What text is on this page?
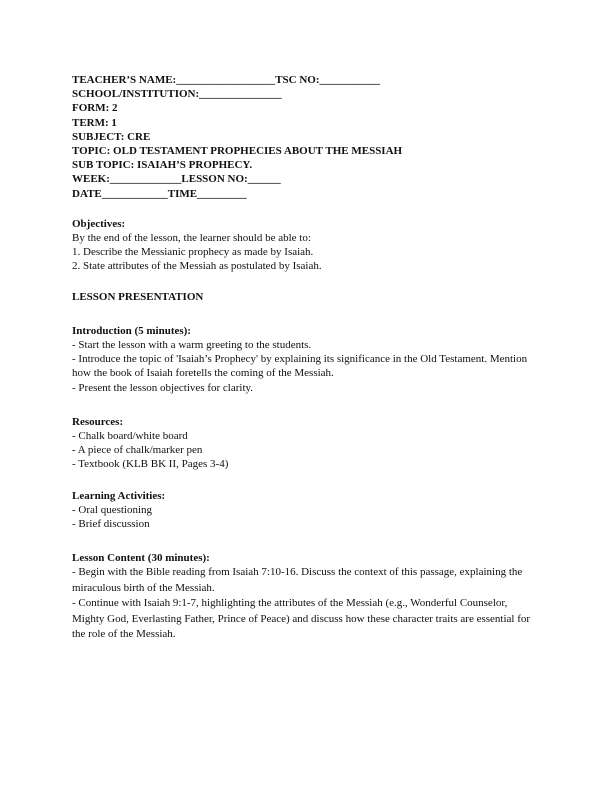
TEACHER’S NAME:__________________TSC NO:___________
SCHOOL/INSTITUTION:_______________
FORM: 2
TERM: 1
SUBJECT: CRE
TOPIC: OLD TESTAMENT PROPHECIES ABOUT THE MESSIAH
SUB TOPIC: ISAIAH’S PROPHECY.
WEEK:_____________LESSON NO:______
DATE____________TIME_________
Objectives:
By the end of the lesson, the learner should be able to:
1. Describe the Messianic prophecy as made by Isaiah.
2. State attributes of the Messiah as postulated by Isaiah.
LESSON PRESENTATION
Introduction (5 minutes):
- Start the lesson with a warm greeting to the students.
- Introduce the topic of 'Isaiah’s Prophecy' by explaining its significance in the Old Testament. Mention how the book of Isaiah foretells the coming of the Messiah.
- Present the lesson objectives for clarity.
Resources:
- Chalk board/white board
- A piece of chalk/marker pen
- Textbook (KLB BK II, Pages 3-4)
Learning Activities:
- Oral questioning
- Brief discussion
Lesson Content (30 minutes):
- Begin with the Bible reading from Isaiah 7:10-16. Discuss the context of this passage, explaining the miraculous birth of the Messiah.
- Continue with Isaiah 9:1-7, highlighting the attributes of the Messiah (e.g., Wonderful Counselor, Mighty God, Everlasting Father, Prince of Peace) and discuss how these character traits are essential for the role of the Messiah.
